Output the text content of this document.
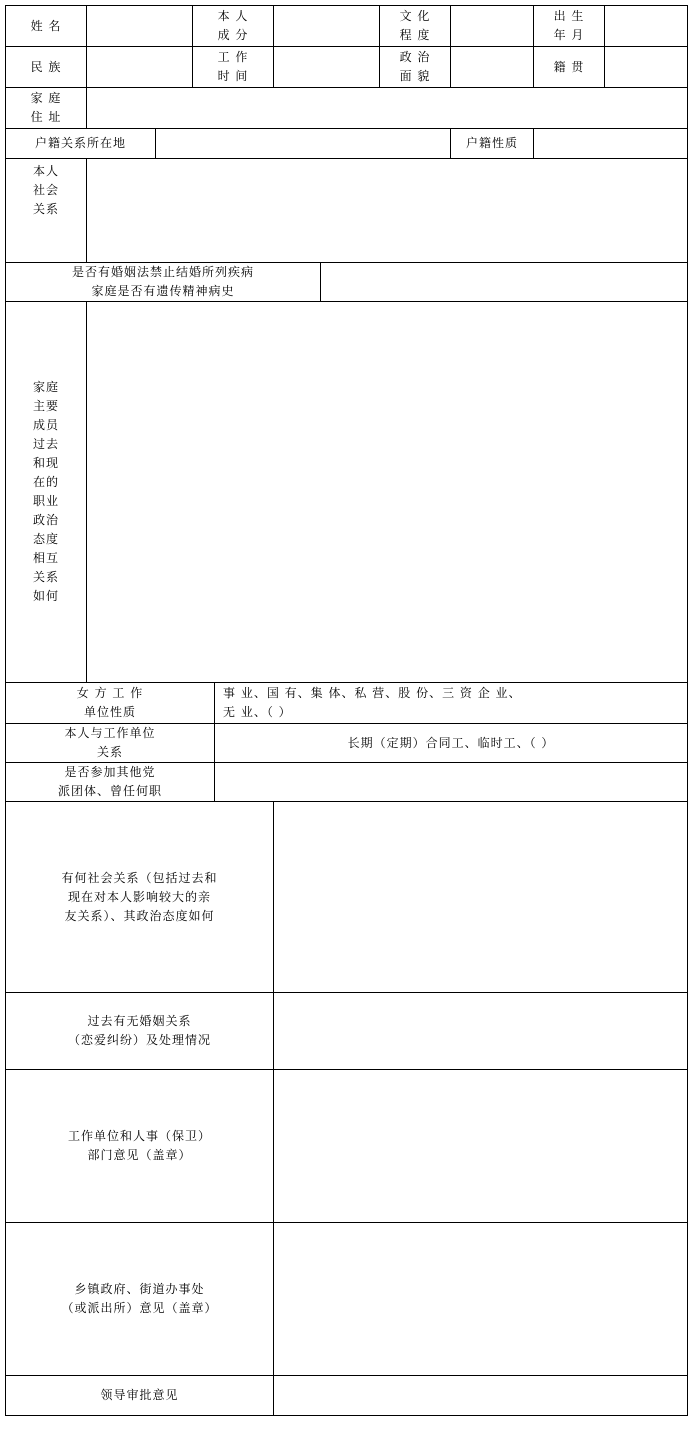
姓 名
本 人
成 分
文 化
程 度
出 生
年 月
民 族
工 作
时 间
政 治
面 貌
籍 贯
家 庭
住 址
户籍关系所在地	户籍性质
本人
社会
关系
是否有婚姻法禁止结婚所列疾病
家庭是否有遗传精神病史
家庭
主要
成员
过去
和现
在的
职业
政治
态度
相互
关系
如何
女 方 工 作
单位性质
事 业、国 有、集 体、私 营、股 份、三 资 企 业、
无 业、（ ）
本人与工作单位
关系
长期（定期）合同工、临时工、（ ）
是否参加其他党
派团体、曾任何职
有何社会关系（包括过去和
现在对本人影响较大的亲
友关系）、其政治态度如何
过去有无婚姻关系
（恋爱纠纷）及处理情况
工作单位和人事（保卫）
部门意见（盖章）
乡镇政府、街道办事处
（或派出所）意见（盖章）
领导审批意见
